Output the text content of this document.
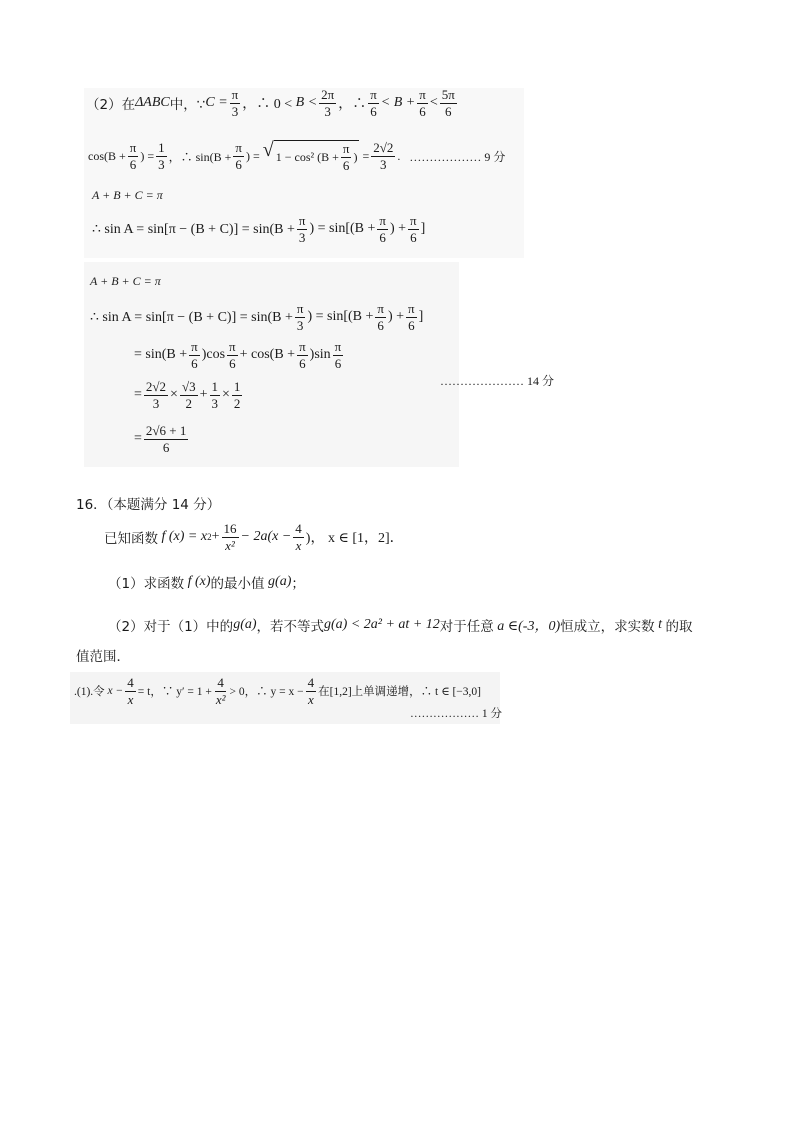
（2）在 ΔABC 中，∵ $C = \frac{\pi}{3}$ ，∴ 0 <
$B < \frac{2\pi}{3}$ ，∴ $\frac{\pi}{6} < B + \frac{\pi}{6} < \frac{5\pi}{6}$
$\cos(B + \frac{\pi}{6}$ ) = $\frac{1}{3}$ ，∴ $\sin(B + \frac{\pi}{6}$ ) =
√ 1 − cos² ($B + \frac{\pi}{6}$ )
= $\frac{2√2}{3}$ .
……………… 9 分
A + B + C = π
∴ $\sin A = \sin[\pi - (B + C)] = \sin(B + \frac{\pi}{3}$ ) = $\sin[(B + \frac{\pi}{6}$ ) + $\frac{\pi}{6}$ ]
A + B + C = π
∴ $\sin A = \sin[\pi - (B + C)] = \sin(B + \frac{\pi}{3}$ ) = $\sin[(B + \frac{\pi}{6}$ ) + $\frac{\pi}{6}$ ]
= $\sin(B + \frac{\pi}{6} )\cos \frac{\pi}{6} + \cos(B + \frac{\pi}{6} )\sin \frac{\pi}{6}$
= $\frac{2√2}{3} \times \frac{√3}{2} + \frac{1}{3} \times \frac{1}{2}$	………………… 14 分
= $\frac{2√6 + 1}{6}$
16．（本题满分 14 分）
已知函数
f (x) = x $2 + \frac{16}{\text{x²}} - 2a(x - \frac{4}{x}$ )，
x ∈ [1，2]．
（1）求函数
f (x) 的最小值
g(a) ；
（2）对于（1）中的 g(a) ，若不等式 g(a) < 2a² + at + 12 对于任意
a ∈(-3，0) 恒成立，求实数
t
的取
值范围．
.(1).令
$x - \frac{4}{x} = t$，∵ $y' = 1 + \frac{4}{\text{x²}} > 0$，∴ $y = x - \frac{4}{x}$ 在[1,2]上单调递增，∴ t ∈ [−3,0]
……………… 1 分
